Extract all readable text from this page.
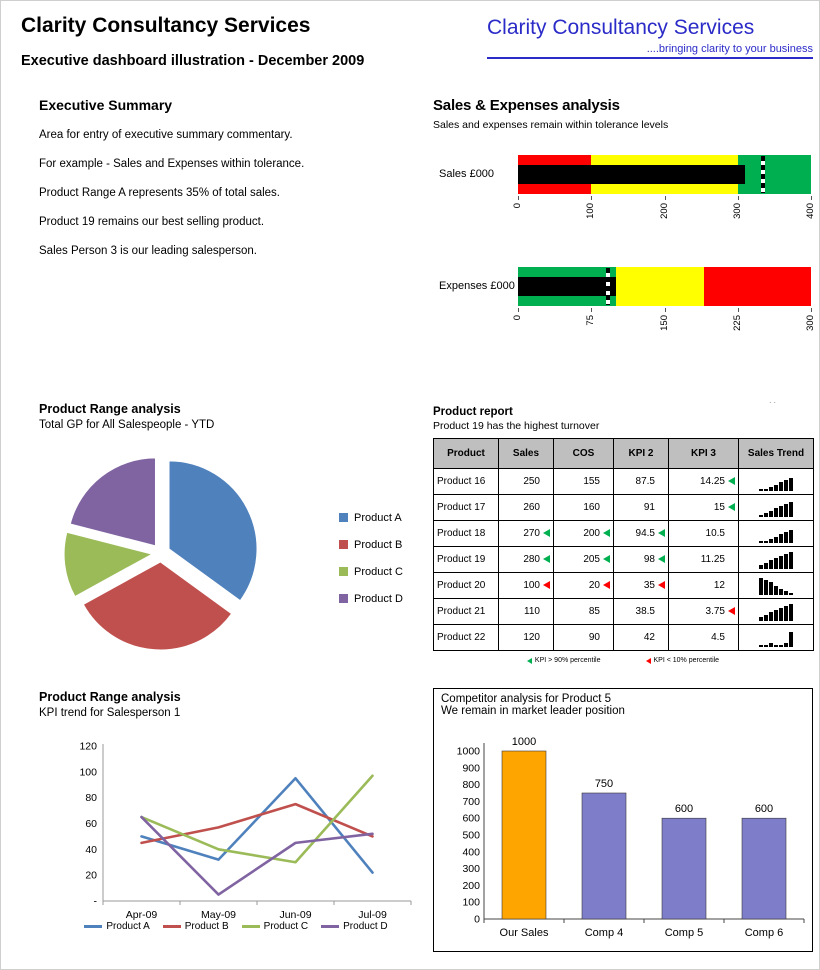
Clarity Consultancy Services
Executive dashboard illustration - December 2009
Clarity Consultancy Services
....bringing clarity to your business
Executive Summary

Area for entry of executive summary commentary.

For example - Sales and Expenses within tolerance.

Product Range A represents 35% of total sales.

Product 19 remains our best selling product.

Sales Person 3 is our leading salesperson.

Sales & Expenses analysis
Sales and expenses remain within tolerance levels
Sales £000
0	100	200	300	400
Expenses £000
0	75	150	225	300
Product Range analysis
Total GP for All Salespeople - YTD
Product A
Product B
Product C
Product D
Product report
Product 19 has the highest turnover
..
Product	Sales	COS	KPI 2	KPI 3	Sales Trend
Product 16	250	155	87.5	14.25	

Product 17	260	160	91	15	

Product 18	270	200	94.5	10.5	

Product 19	280	205	98	11.25	

Product 20	100	20	35	12	

Product 21	110	85	38.5	3.75	

Product 22	120	90	42	4.5	
KPI > 90% percentile	KPI < 10% percentile
Product Range analysis
KPI trend for Salesperson 1
-
20
40
60
80
100
120
Apr-09	May-09	Jun-09	Jul-09
Product A	Product B	Product C	Product D
Competitor analysis for Product 5
We remain in market leader position
0
100
200
300
400
500
600
700
800
900
1000
1000
Our Sales
750
Comp 4
600
Comp 5
600
Comp 6
